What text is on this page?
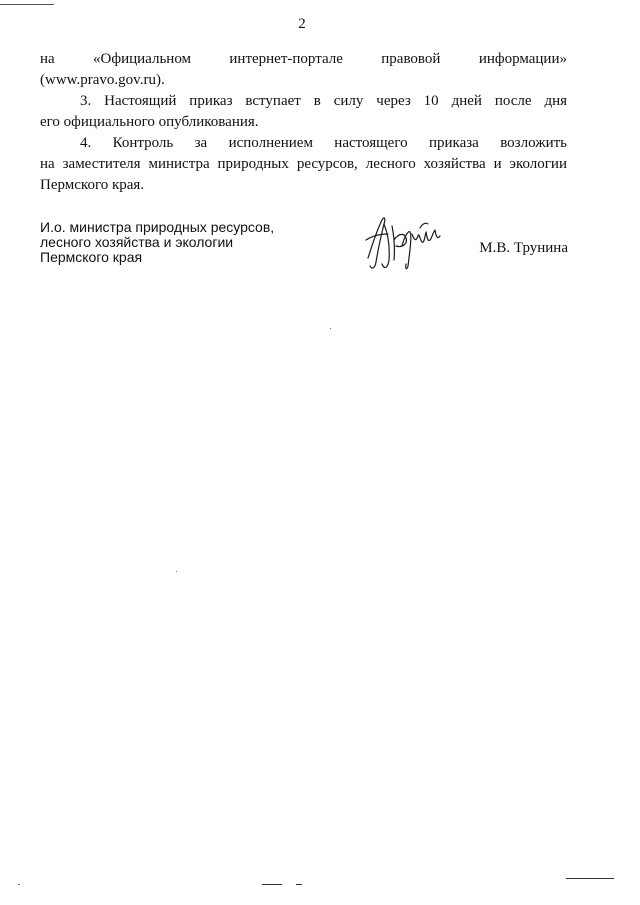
2
на	«Официальном	интернет-портале	правовой	информации»
(www.pravo.gov.ru).
3. Настоящий приказ вступает в силу через 10 дней после дня
его официального опубликования.
4. Контроль за исполнением настоящего приказа возложить
на заместителя министра природных ресурсов, лесного хозяйства и экологии
Пермского края.
И.о. министра природных ресурсов,
лесного хозяйства и экологии
Пермского края
М.В. Трунина
